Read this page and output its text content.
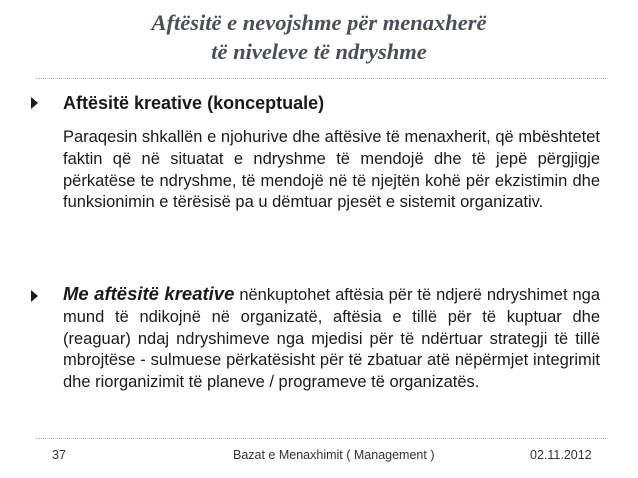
Aftësitë e nevojshme për menaxherë
të niveleve të ndryshme
Aftësitë kreative (konceptuale)
Paraqesin shkallën e njohurive dhe aftësive të menaxherit, që mbështetet faktin që në situatat e ndryshme të mendojë dhe të jepë përgjigje përkatëse te ndryshme, të mendojë në të njejtën kohë për ekzistimin dhe funksionimin e tërësisë pa u dëmtuar pjesët e sistemit organizativ.
Me aftësitë kreative nënkuptohet aftësia për të ndjerë ndryshimet nga mund të ndikojnë në organizatë, aftësia e tillë për të kuptuar dhe (reaguar) ndaj ndryshimeve nga mjedisi për të ndërtuar strategji të tillë mbrojtëse - sulmuese përkatësisht për të zbatuar atë nëpërmjet integrimit dhe riorganizimit të planeve / programeve të organizatës.
37	Bazat e Menaxhimit ( Management )	02.11.2012
